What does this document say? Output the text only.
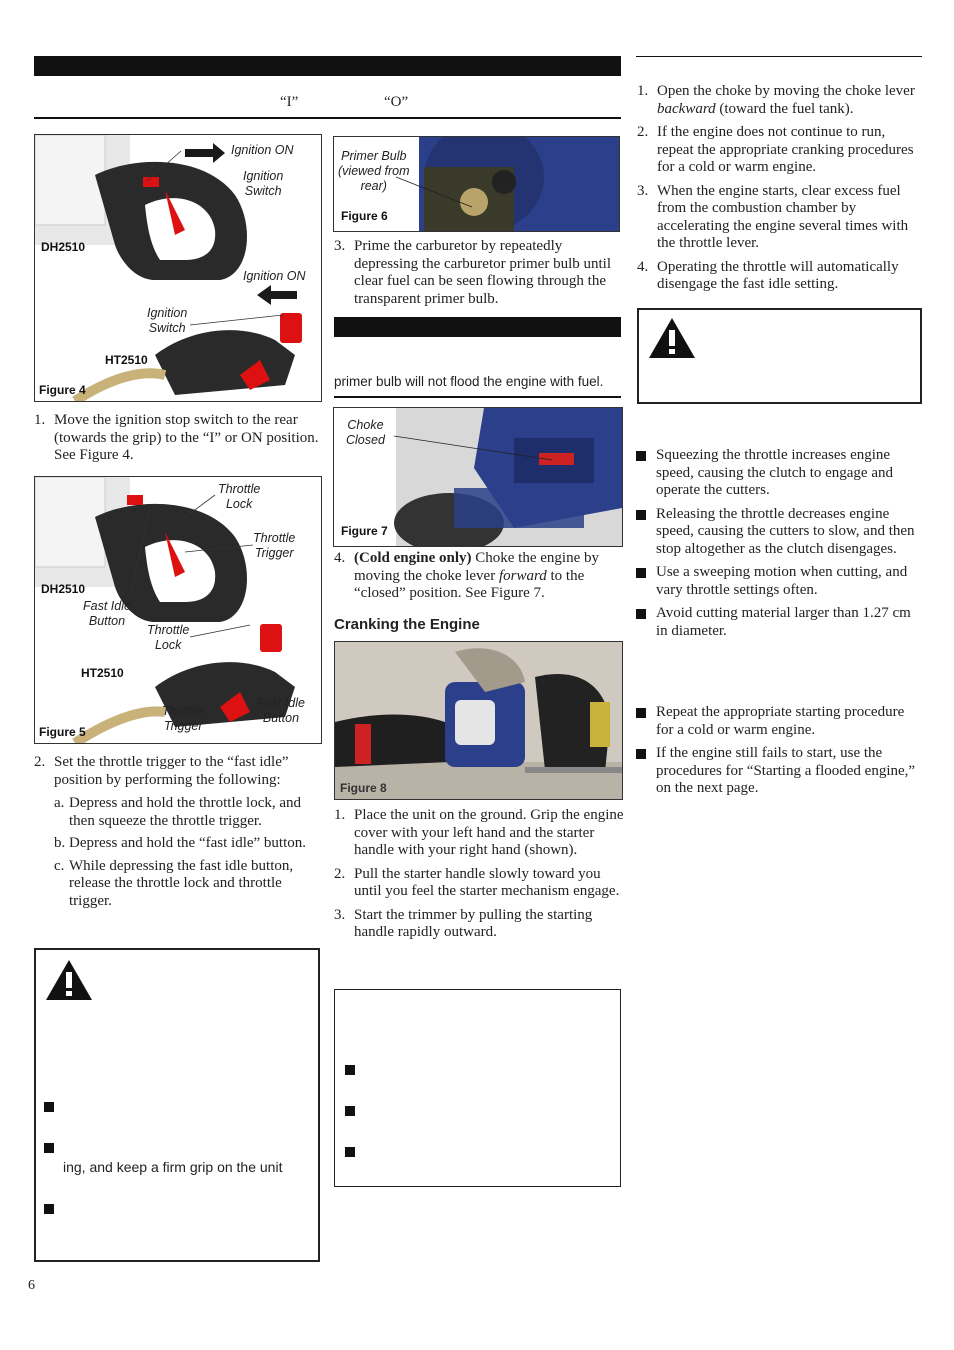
“I”	“O”
Ignition ON
Ignition
Switch
DH2510
Ignition ON
Ignition
Switch
HT2510
Figure 4
1. Move the ignition stop switch to the rear (towards the grip) to the “I” or ON position. See Figure 4.
Throttle
Lock
Throttle
Trigger
DH2510
Fast Idle
Button
Throttle
Lock
HT2510
Throttle
Trigger
Fast Idle
Button
Figure 5
2. Set the throttle trigger to the “fast idle” position by performing the following:
a. Depress and hold the throttle lock, and then squeeze the throttle trigger.
b. Depress and hold the “fast idle” button.
c. While depressing the fast idle button, release the throttle lock and throttle trigger.
ing, and keep a firm grip on the unit
6
Primer Bulb
(viewed from
rear)
Figure 6
3. Prime the carburetor by repeatedly depressing the carburetor primer bulb until clear fuel can be seen flowing through the transparent primer bulb.
primer bulb will not flood the engine with fuel.
Choke
Closed
Figure 7
4. (Cold engine only) Choke the engine by moving the choke lever forward to the “closed” position. See Figure 7.
Cranking the Engine
Figure 8
1. Place the unit on the ground. Grip the engine cover with your left hand and the starter handle with your right hand (shown).
2. Pull the starter handle slowly toward you until you feel the starter mechanism engage.
3. Start the trimmer by pulling the starting handle rapidly outward.
1. Open the choke by moving the choke lever backward (toward the fuel tank).
2. If the engine does not continue to run, repeat the appropriate cranking procedures for a cold or warm engine.
3. When the engine starts, clear excess fuel from the combustion chamber by accelerating the engine several times with the throttle lever.
4. Operating the throttle will automatically disengage the fast idle setting.
Squeezing the throttle increases engine speed, causing the clutch to engage and operate the cutters.
Releasing the throttle decreases engine speed, causing the cutters to slow, and then stop altogether as the clutch disengages.
Use a sweeping motion when cutting, and vary throttle settings often.
Avoid cutting material larger than 1.27 cm in diameter.
Repeat the appropriate starting procedure for a cold or warm engine.
If the engine still fails to start, use the procedures for “Starting a flooded engine,” on the next page.
